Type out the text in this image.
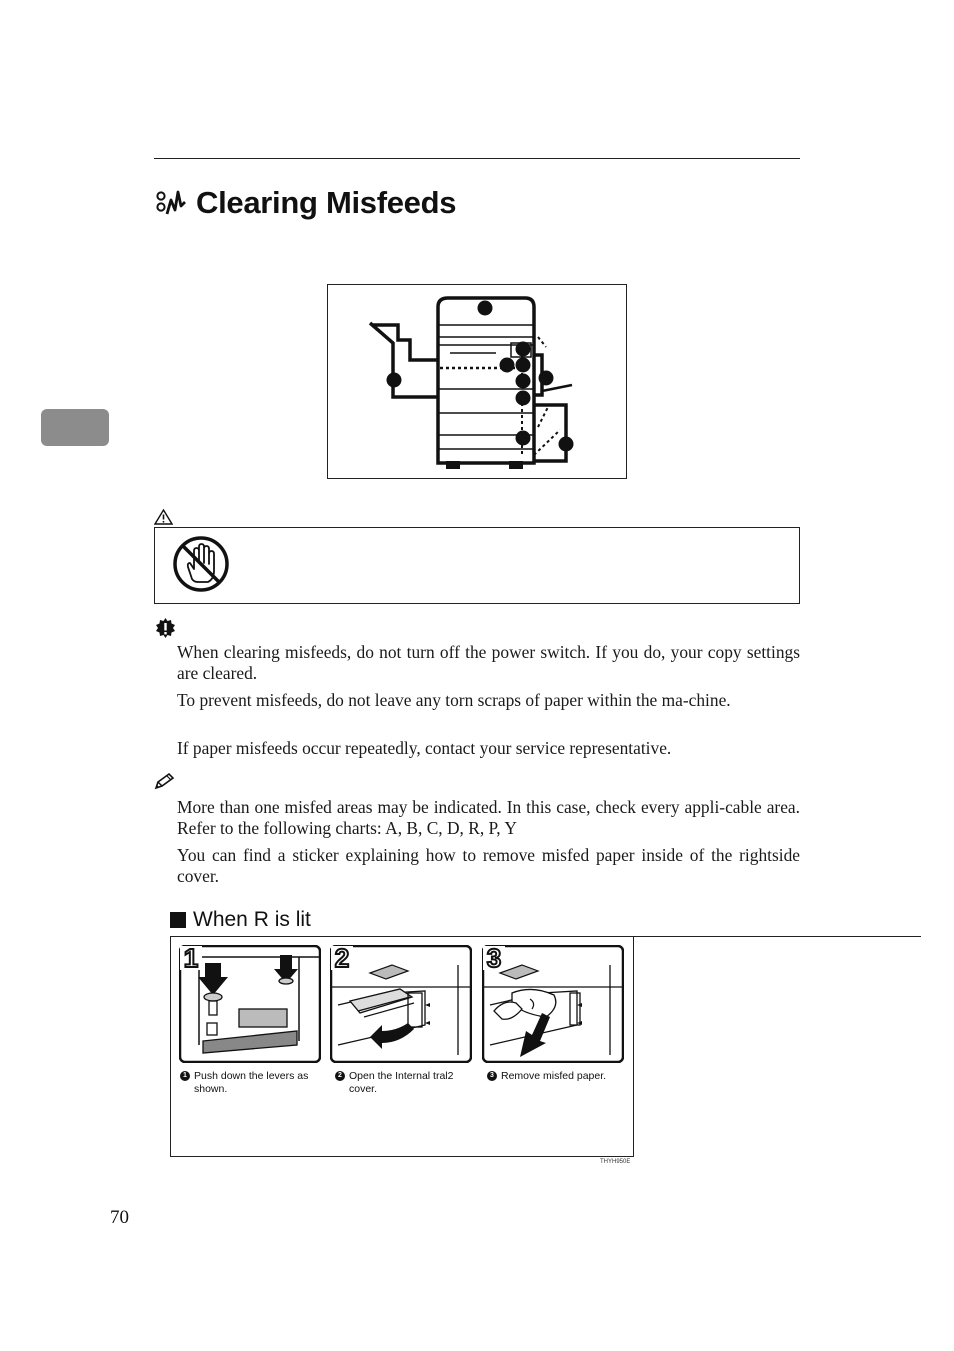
Clearing Misfeeds

When clearing misfeeds, do not turn off the power switch. If you do, your copy settings are cleared.

To prevent misfeeds, do not leave any torn scraps of paper within the ma-chine.

If paper misfeeds occur repeatedly, contact your service representative.

More than one misfed areas may be indicated. In this case, check every appli-cable area. Refer to the following charts: A, B, C, D, R, P, Y

You can find a sticker explaining how to remove misfed paper inside of the rightside cover.

When R is lit
1	2	3
1 Push down the levers as shown.
2 Open the Internal tral2 cover.
3 Remove misfed paper.
THYH950E
70
